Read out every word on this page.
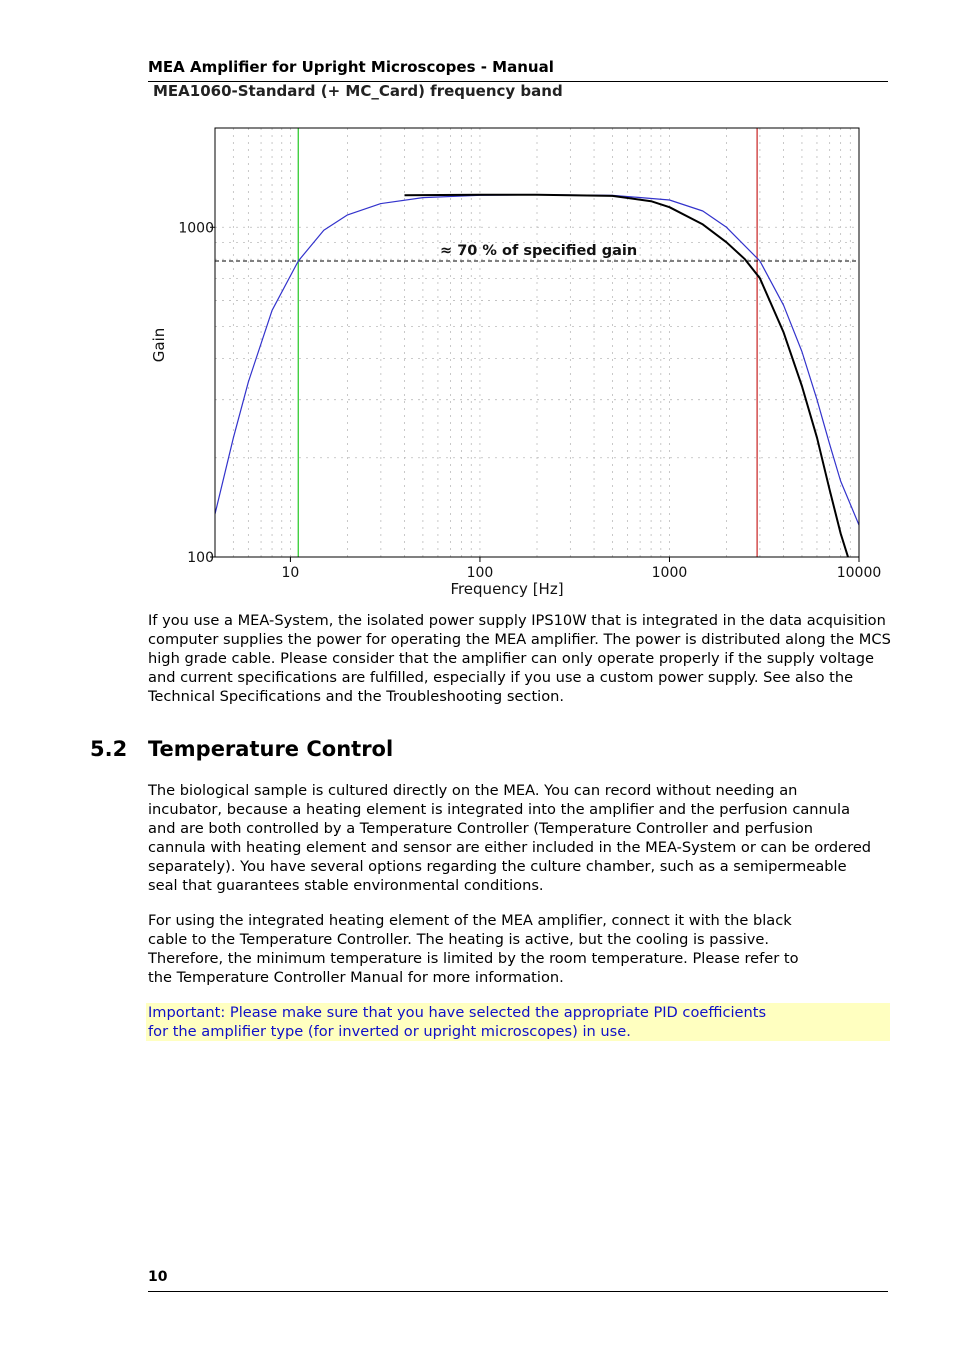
MEA Amplifier for Upright Microscopes - Manual
MEA1060-Standard (+ MC_Card) frequency band
≈ 70 % of specified gain
10	100	1000	10000
100
1000
Frequency [Hz]
Gain
If you use a MEA-System, the isolated power supply IPS10W that is integrated in the data acquisition computer supplies the power for operating the MEA amplifier. The power is distributed along the MCS high grade cable. Please consider that the amplifier can only operate properly if the supply voltage and current specifications are fulfilled, especially if you use a custom power supply. See also the Technical Specifications and the Troubleshooting section.
5.2 Temperature Control
The biological sample is cultured directly on the MEA. You can record without needing an incubator, because a heating element is integrated into the amplifier and the perfusion cannula and are both controlled by a Temperature Controller (Temperature Controller and perfusion cannula with heating element and sensor are either included in the MEA-System or can be ordered separately). You have several options regarding the culture chamber, such as a semipermeable seal that guarantees stable environmental conditions.
For using the integrated heating element of the MEA amplifier, connect it with the black cable to the Temperature Controller. The heating is active, but the cooling is passive. Therefore, the minimum temperature is limited by the room temperature. Please refer to the Temperature Controller Manual for more information.
Important: Please make sure that you have selected the appropriate PID coefficients for the amplifier type (for inverted or upright microscopes) in use.
10
